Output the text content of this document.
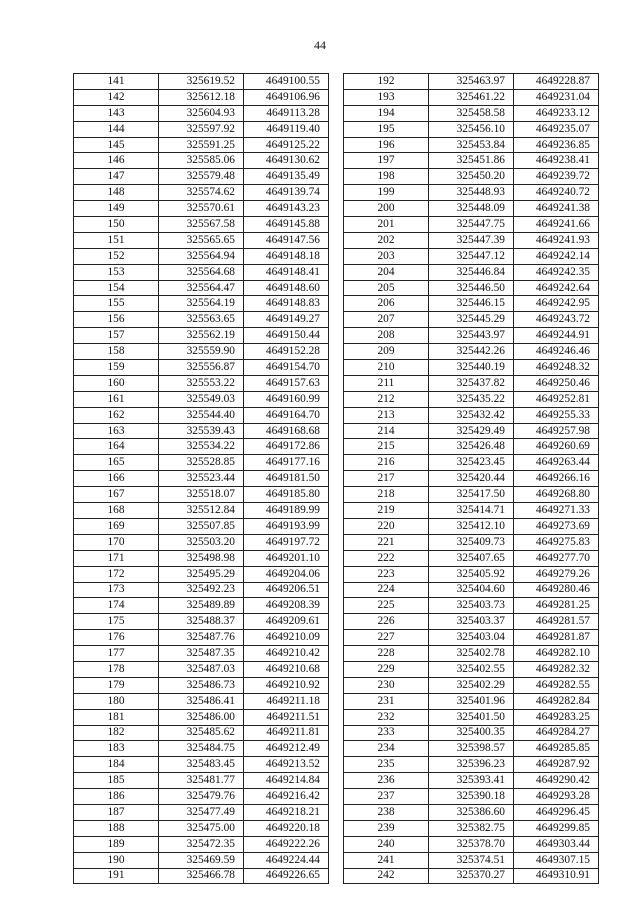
44
141	325619.52	4649100.55
142	325612.18	4649106.96
143	325604.93	4649113.28
144	325597.92	4649119.40
145	325591.25	4649125.22
146	325585.06	4649130.62
147	325579.48	4649135.49
148	325574.62	4649139.74
149	325570.61	4649143.23
150	325567.58	4649145.88
151	325565.65	4649147.56
152	325564.94	4649148.18
153	325564.68	4649148.41
154	325564.47	4649148.60
155	325564.19	4649148.83
156	325563.65	4649149.27
157	325562.19	4649150.44
158	325559.90	4649152.28
159	325556.87	4649154.70
160	325553.22	4649157.63
161	325549.03	4649160.99
162	325544.40	4649164.70
163	325539.43	4649168.68
164	325534.22	4649172.86
165	325528.85	4649177.16
166	325523.44	4649181.50
167	325518.07	4649185.80
168	325512.84	4649189.99
169	325507.85	4649193.99
170	325503.20	4649197.72
171	325498.98	4649201.10
172	325495.29	4649204.06
173	325492.23	4649206.51
174	325489.89	4649208.39
175	325488.37	4649209.61
176	325487.76	4649210.09
177	325487.35	4649210.42
178	325487.03	4649210.68
179	325486.73	4649210.92
180	325486.41	4649211.18
181	325486.00	4649211.51
182	325485.62	4649211.81
183	325484.75	4649212.49
184	325483.45	4649213.52
185	325481.77	4649214.84
186	325479.76	4649216.42
187	325477.49	4649218.21
188	325475.00	4649220.18
189	325472.35	4649222.26
190	325469.59	4649224.44
191	325466.78	4649226.65
192	325463.97	4649228.87
193	325461.22	4649231.04
194	325458.58	4649233.12
195	325456.10	4649235.07
196	325453.84	4649236.85
197	325451.86	4649238.41
198	325450.20	4649239.72
199	325448.93	4649240.72
200	325448.09	4649241.38
201	325447.75	4649241.66
202	325447.39	4649241.93
203	325447.12	4649242.14
204	325446.84	4649242.35
205	325446.50	4649242.64
206	325446.15	4649242.95
207	325445.29	4649243.72
208	325443.97	4649244.91
209	325442.26	4649246.46
210	325440.19	4649248.32
211	325437.82	4649250.46
212	325435.22	4649252.81
213	325432.42	4649255.33
214	325429.49	4649257.98
215	325426.48	4649260.69
216	325423.45	4649263.44
217	325420.44	4649266.16
218	325417.50	4649268.80
219	325414.71	4649271.33
220	325412.10	4649273.69
221	325409.73	4649275.83
222	325407.65	4649277.70
223	325405.92	4649279.26
224	325404.60	4649280.46
225	325403.73	4649281.25
226	325403.37	4649281.57
227	325403.04	4649281.87
228	325402.78	4649282.10
229	325402.55	4649282.32
230	325402.29	4649282.55
231	325401.96	4649282.84
232	325401.50	4649283.25
233	325400.35	4649284.27
234	325398.57	4649285.85
235	325396.23	4649287.92
236	325393.41	4649290.42
237	325390.18	4649293.28
238	325386.60	4649296.45
239	325382.75	4649299.85
240	325378.70	4649303.44
241	325374.51	4649307.15
242	325370.27	4649310.91
